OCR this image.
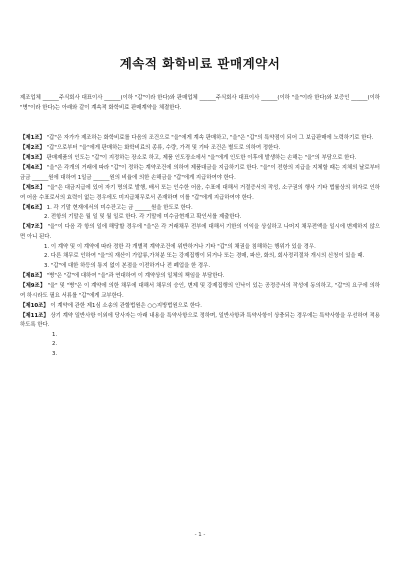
계속적 화학비료 판매계약서
제조업체 ______주식회사 대표이사 ______(이하 "갑"이라 한다)와 판매업체 ______주식회사 대표이사 ______(이하 "을"이라 한다)와 보증인 ______(이하 "병"이라 한다)는 아래와 같이 계속적 화학비료 판매계약을 체결한다.
【제1조】 "갑"은 자가가 제조하는 화학비료를 다음의 조건으로 "을"에게 계속 판매하고, "을"은 "갑"의 특약점이 되어 그 보급판매에 노력하기로 한다.
【제2조】 "갑"으로부터 "을"에게 판매하는 화학비료의 종류, 수량, 가격 및 기타 조건은 별도로 의하여 정한다.
【제3조】 판매제품의 인도는 "갑"이 지정하는 장소로 하고, 제품 인도장소에서 "을"에게 인도한 이후에 발생하는 손해는 "을"의 부담으로 한다.
【제4조】 "을"은 각개의 거래에 따라 "갑"이 정하는 계약조건에 의하여 제품대금을 지급하기로 한다. "을"이 전항의 지급을 지체할 때는 지체의 날로부터 금금 ______원에 대하여 1일금 ______원의 비율에 의한 손해금을 "갑"에게 지급하여야 한다.
【제5조】 "을"은 대금지급에 있어 자기 명의로 발행, 배서 또는 인수한 어음, 수표에 대해서 거절증서의 작성, 소구권의 행사 기타 법률상의 허자로 인하여 어음 수표로서의 효력이 없는 경우에도 미지급채무로서 존재하며 이를 "갑"에게 지급하여야 한다.
【제6조】 1. 각 기말 현재에서의 미수잔고는 금 ______원을 한도로 한다.
2. 전항의 기말은 월 일 및 월 일로 한다. 각 기말에 미수금현재고 확인서를 제출한다.
【제7조】 "을"이 다음 각 항의 일에 해당할 경우에 "을"은 각 거래채무 전부에 대해서 기한의 이익을 상실하고 나머지 채무전액을 일시에 변제하지 않으면 아니 된다.
1. 이 계약 및 이 계약에 따라 정한 각 개별적 계약조건에 위반하거나 기타 "갑"의 채권을 침해하는 행위가 있을 경우.
2. 다른 채무로 인하여 "을"의 재산이 가압류,가처분 또는 강제집행이 되거나 또는 경매, 파산, 화의, 회사정리절차 개시의 신청이 있을 때.
3. "갑"에 대한 하등의 통지 없이 본점을 이전하거나 전 폐업을 한 경우.
【제8조】 "병"은 "갑"에 대하여 "을"과 연대하여 이 계약상의 일체의 책임을 부담한다.
【제9조】 "을" 및 "병"은 이 계약에 의한 채무에 대해서 채무의 승인, 변제 및 강제집행의 인낙이 있는 공정증서의 작성에 동의하고, "갑"의 요구에 의하여 하시라도 필요 서류를 "갑"에게 교부한다.
【제10조】 이 계약에 관한 제1심 소송의 관할법원은 ○○지방법원으로 한다.
【제11조】 상기 계약 일반사항 이외에 당사자는 아래 내용을 특약사항으로 정하며, 일반사항과 특약사항이 상충되는 경우에는 특약사항을 우선하여 적용하도록 한다.
1.
2.
3.
- 1 -
